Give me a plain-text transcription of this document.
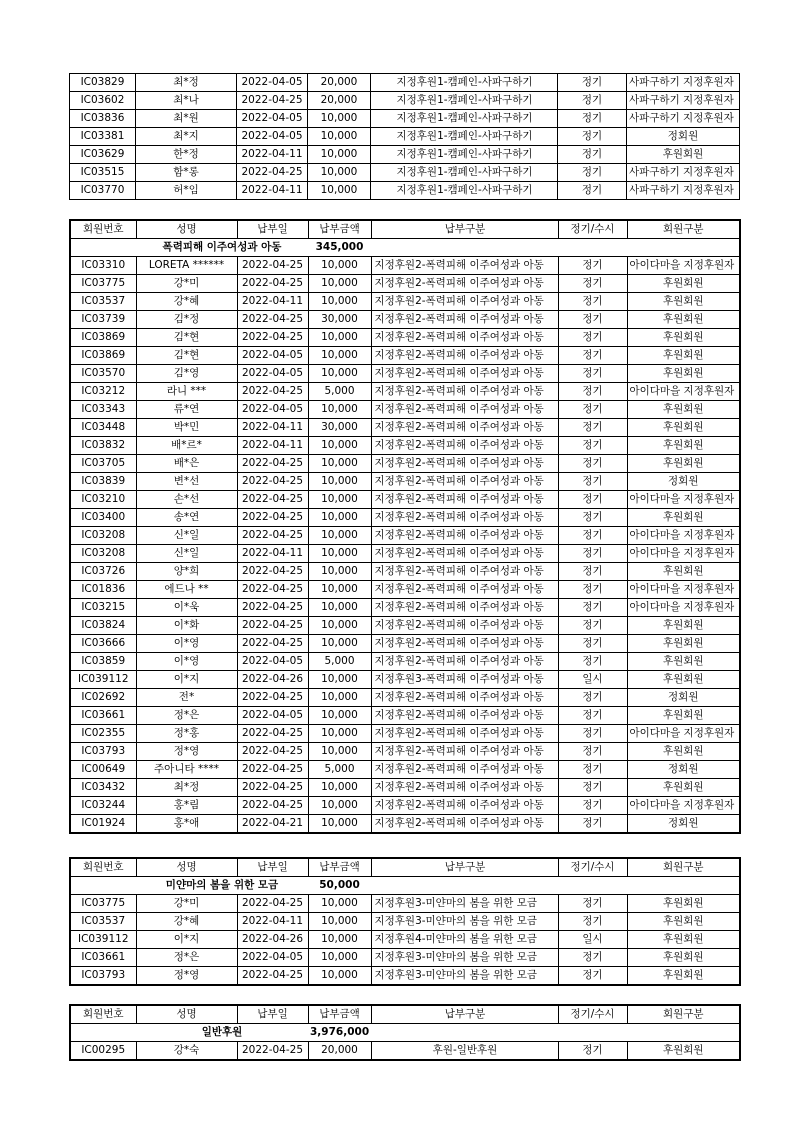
IC03829	최*정	2022-04-05	20,000	지정후원1-캠페인-사파구하기	정기	사파구하기 지정후원자
IC03602	최*나	2022-04-25	20,000	지정후원1-캠페인-사파구하기	정기	사파구하기 지정후원자
IC03836	최*원	2022-04-05	10,000	지정후원1-캠페인-사파구하기	정기	사파구하기 지정후원자
IC03381	최*지	2022-04-05	10,000	지정후원1-캠페인-사파구하기	정기	정회원
IC03629	한*정	2022-04-11	10,000	지정후원1-캠페인-사파구하기	정기	후원회원
IC03515	함*롱	2022-04-25	10,000	지정후원1-캠페인-사파구하기	정기	사파구하기 지정후원자
IC03770	허*임	2022-04-11	10,000	지정후원1-캠페인-사파구하기	정기	사파구하기 지정후원자
회원번호	성명	납부일	납부금액	납부구분	정기/수시	회원구분
	폭력피해 이주여성과 아동		345,000			
IC03310	LORETA ******	2022-04-25	10,000	지정후원2-폭력피해 이주여성과 아동	정기	아이다마을 지정후원자
IC03775	강*미	2022-04-25	10,000	지정후원2-폭력피해 이주여성과 아동	정기	후원회원
IC03537	강*혜	2022-04-11	10,000	지정후원2-폭력피해 이주여성과 아동	정기	후원회원
IC03739	김*정	2022-04-25	30,000	지정후원2-폭력피해 이주여성과 아동	정기	후원회원
IC03869	김*현	2022-04-25	10,000	지정후원2-폭력피해 이주여성과 아동	정기	후원회원
IC03869	김*현	2022-04-05	10,000	지정후원2-폭력피해 이주여성과 아동	정기	후원회원
IC03570	김*영	2022-04-05	10,000	지정후원2-폭력피해 이주여성과 아동	정기	후원회원
IC03212	라니 ***	2022-04-25	5,000	지정후원2-폭력피해 이주여성과 아동	정기	아이다마을 지정후원자
IC03343	류*연	2022-04-05	10,000	지정후원2-폭력피해 이주여성과 아동	정기	후원회원
IC03448	박*민	2022-04-11	30,000	지정후원2-폭력피해 이주여성과 아동	정기	후원회원
IC03832	배*르*	2022-04-11	10,000	지정후원2-폭력피해 이주여성과 아동	정기	후원회원
IC03705	배*은	2022-04-25	10,000	지정후원2-폭력피해 이주여성과 아동	정기	후원회원
IC03839	변*선	2022-04-25	10,000	지정후원2-폭력피해 이주여성과 아동	정기	정회원
IC03210	손*선	2022-04-25	10,000	지정후원2-폭력피해 이주여성과 아동	정기	아이다마을 지정후원자
IC03400	송*연	2022-04-25	10,000	지정후원2-폭력피해 이주여성과 아동	정기	후원회원
IC03208	신*일	2022-04-25	10,000	지정후원2-폭력피해 이주여성과 아동	정기	아이다마을 지정후원자
IC03208	신*일	2022-04-11	10,000	지정후원2-폭력피해 이주여성과 아동	정기	아이다마을 지정후원자
IC03726	양*희	2022-04-25	10,000	지정후원2-폭력피해 이주여성과 아동	정기	후원회원
IC01836	에드나 **	2022-04-25	10,000	지정후원2-폭력피해 이주여성과 아동	정기	아이다마을 지정후원자
IC03215	이*욱	2022-04-25	10,000	지정후원2-폭력피해 이주여성과 아동	정기	아이다마을 지정후원자
IC03824	이*화	2022-04-25	10,000	지정후원2-폭력피해 이주여성과 아동	정기	후원회원
IC03666	이*영	2022-04-25	10,000	지정후원2-폭력피해 이주여성과 아동	정기	후원회원
IC03859	이*영	2022-04-05	5,000	지정후원2-폭력피해 이주여성과 아동	정기	후원회원
IC039112	이*지	2022-04-26	10,000	지정후원3-폭력피해 이주여성과 아동	일시	후원회원
IC02692	전*	2022-04-25	10,000	지정후원2-폭력피해 이주여성과 아동	정기	정회원
IC03661	정*은	2022-04-05	10,000	지정후원2-폭력피해 이주여성과 아동	정기	후원회원
IC02355	정*홍	2022-04-25	10,000	지정후원2-폭력피해 이주여성과 아동	정기	아이다마을 지정후원자
IC03793	정*영	2022-04-25	10,000	지정후원2-폭력피해 이주여성과 아동	정기	후원회원
IC00649	주아니타 ****	2022-04-25	5,000	지정후원2-폭력피해 이주여성과 아동	정기	정회원
IC03432	최*정	2022-04-25	10,000	지정후원2-폭력피해 이주여성과 아동	정기	후원회원
IC03244	홍*림	2022-04-25	10,000	지정후원2-폭력피해 이주여성과 아동	정기	아이다마을 지정후원자
IC01924	홍*애	2022-04-21	10,000	지정후원2-폭력피해 이주여성과 아동	정기	정회원
회원번호	성명	납부일	납부금액	납부구분	정기/수시	회원구분
	미얀마의 봄을 위한 모금		50,000			
IC03775	강*미	2022-04-25	10,000	지정후원3-미얀마의 봄을 위한 모금	정기	후원회원
IC03537	강*혜	2022-04-11	10,000	지정후원3-미얀마의 봄을 위한 모금	정기	후원회원
IC039112	이*지	2022-04-26	10,000	지정후원4-미얀마의 봄을 위한 모금	일시	후원회원
IC03661	정*은	2022-04-05	10,000	지정후원3-미얀마의 봄을 위한 모금	정기	후원회원
IC03793	정*영	2022-04-25	10,000	지정후원3-미얀마의 봄을 위한 모금	정기	후원회원
회원번호	성명	납부일	납부금액	납부구분	정기/수시	회원구분
	일반후원		3,976,000			
IC00295	강*숙	2022-04-25	20,000	후원-일반후원	정기	후원회원
